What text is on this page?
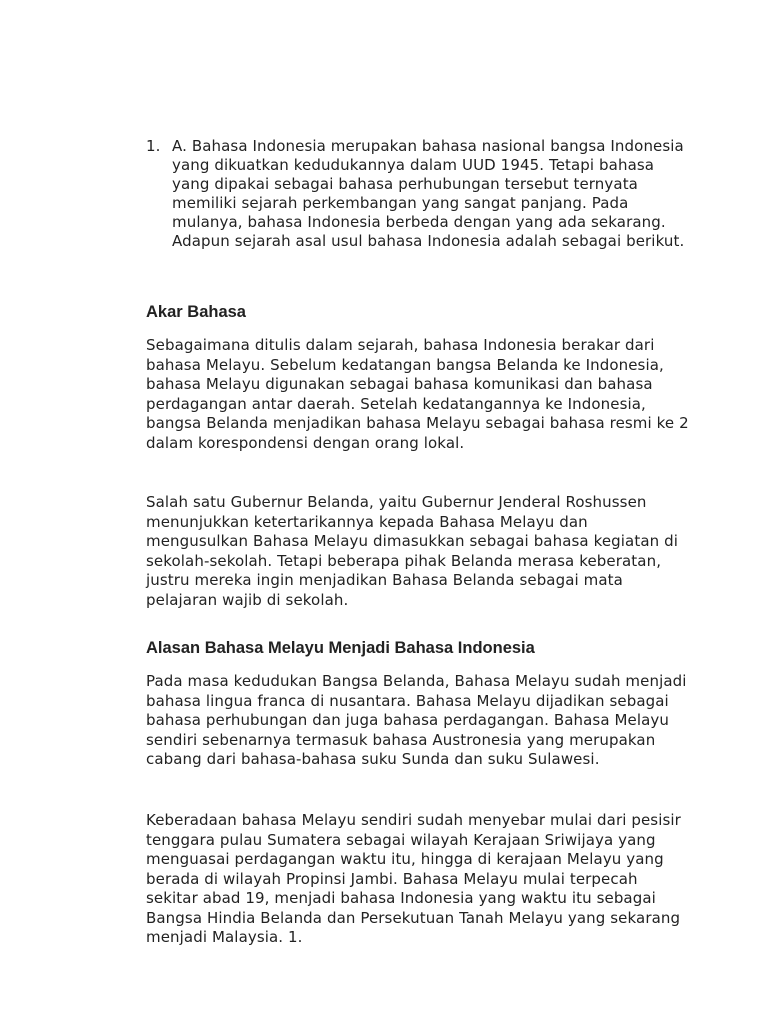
1. A. Bahasa Indonesia merupakan bahasa nasional bangsa Indonesia yang dikuatkan kedudukannya dalam UUD 1945. Tetapi bahasa yang dipakai sebagai bahasa perhubungan tersebut ternyata memiliki sejarah perkembangan yang sangat panjang. Pada mulanya, bahasa Indonesia berbeda dengan yang ada sekarang. Adapun sejarah asal usul bahasa Indonesia adalah sebagai berikut.
Akar Bahasa

Sebagaimana ditulis dalam sejarah, bahasa Indonesia berakar dari bahasa Melayu. Sebelum kedatangan bangsa Belanda ke Indonesia, bahasa Melayu digunakan sebagai bahasa komunikasi dan bahasa perdagangan antar daerah. Setelah kedatangannya ke Indonesia, bangsa Belanda menjadikan bahasa Melayu sebagai bahasa resmi ke 2 dalam korespondensi dengan orang lokal.

Salah satu Gubernur Belanda, yaitu Gubernur Jenderal Roshussen menunjukkan ketertarikannya kepada Bahasa Melayu dan mengusulkan Bahasa Melayu dimasukkan sebagai bahasa kegiatan di sekolah-sekolah. Tetapi beberapa pihak Belanda merasa keberatan, justru mereka ingin menjadikan Bahasa Belanda sebagai mata pelajaran wajib di sekolah.

Alasan Bahasa Melayu Menjadi Bahasa Indonesia

Pada masa kedudukan Bangsa Belanda, Bahasa Melayu sudah menjadi bahasa lingua franca di nusantara. Bahasa Melayu dijadikan sebagai bahasa perhubungan dan juga bahasa perdagangan. Bahasa Melayu sendiri sebenarnya termasuk bahasa Austronesia yang merupakan cabang dari bahasa-bahasa suku Sunda dan suku Sulawesi.

Keberadaan bahasa Melayu sendiri sudah menyebar mulai dari pesisir tenggara pulau Sumatera sebagai wilayah Kerajaan Sriwijaya yang menguasai perdagangan waktu itu, hingga di kerajaan Melayu yang berada di wilayah Propinsi Jambi. Bahasa Melayu mulai terpecah sekitar abad 19, menjadi bahasa Indonesia yang waktu itu sebagai Bangsa Hindia Belanda dan Persekutuan Tanah Melayu yang sekarang menjadi Malaysia. 1.
